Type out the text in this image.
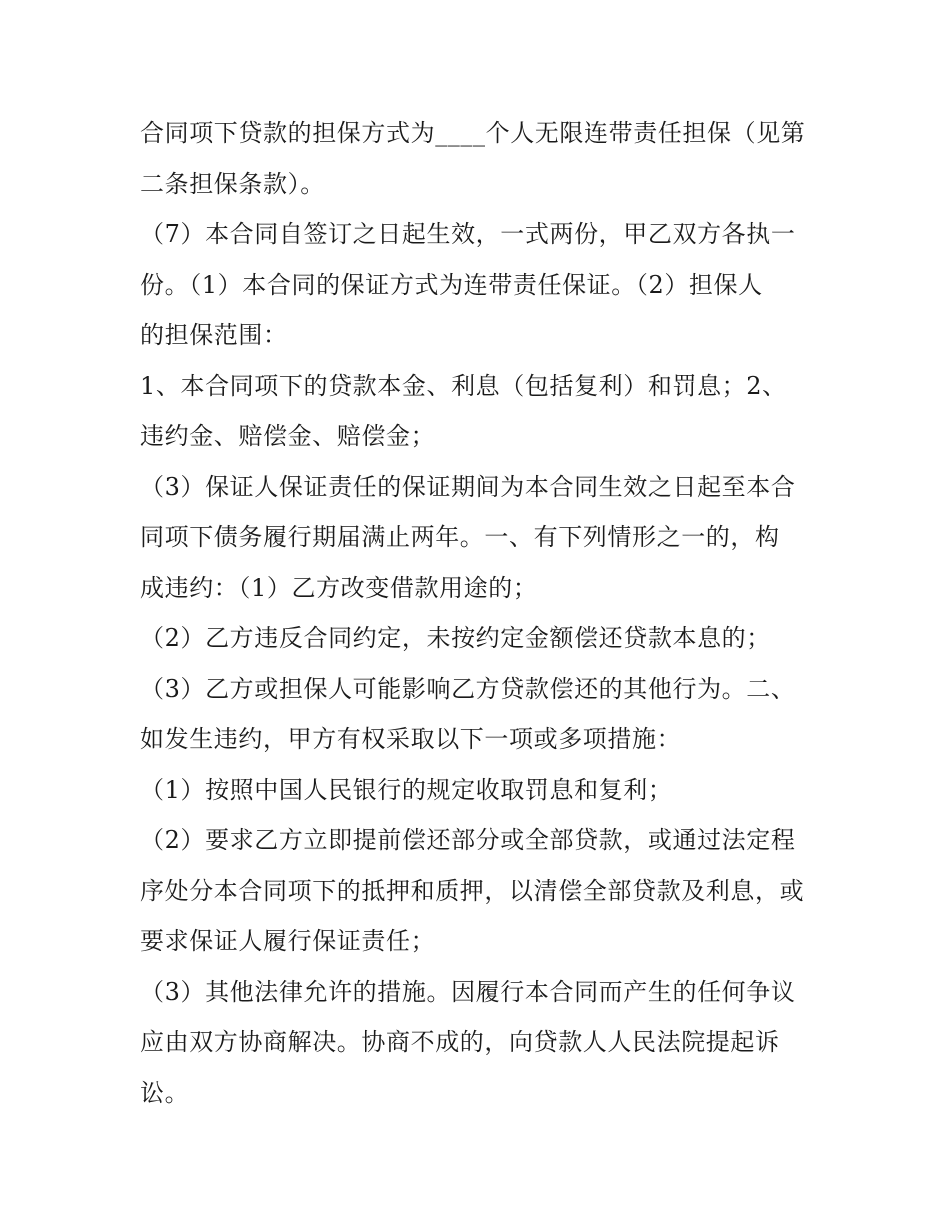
合同项下贷款的担保方式为____个人无限连带责任担保（见第
二条担保条款）。
（7）本合同自签订之日起生效，一式两份，甲乙双方各执一
份。（1）本合同的保证方式为连带责任保证。（2）担保人
的担保范围：
1、本合同项下的贷款本金、利息（包括复利）和罚息；2、
违约金、赔偿金、赔偿金；
（3）保证人保证责任的保证期间为本合同生效之日起至本合
同项下债务履行期届满止两年。一、有下列情形之一的，构
成违约：（1）乙方改变借款用途的；
（2）乙方违反合同约定，未按约定金额偿还贷款本息的；
（3）乙方或担保人可能影响乙方贷款偿还的其他行为。二、
如发生违约，甲方有权采取以下一项或多项措施：
（1）按照中国人民银行的规定收取罚息和复利；
（2）要求乙方立即提前偿还部分或全部贷款，或通过法定程
序处分本合同项下的抵押和质押，以清偿全部贷款及利息，或
要求保证人履行保证责任；
（3）其他法律允许的措施。因履行本合同而产生的任何争议
应由双方协商解决。协商不成的，向贷款人人民法院提起诉
讼。
